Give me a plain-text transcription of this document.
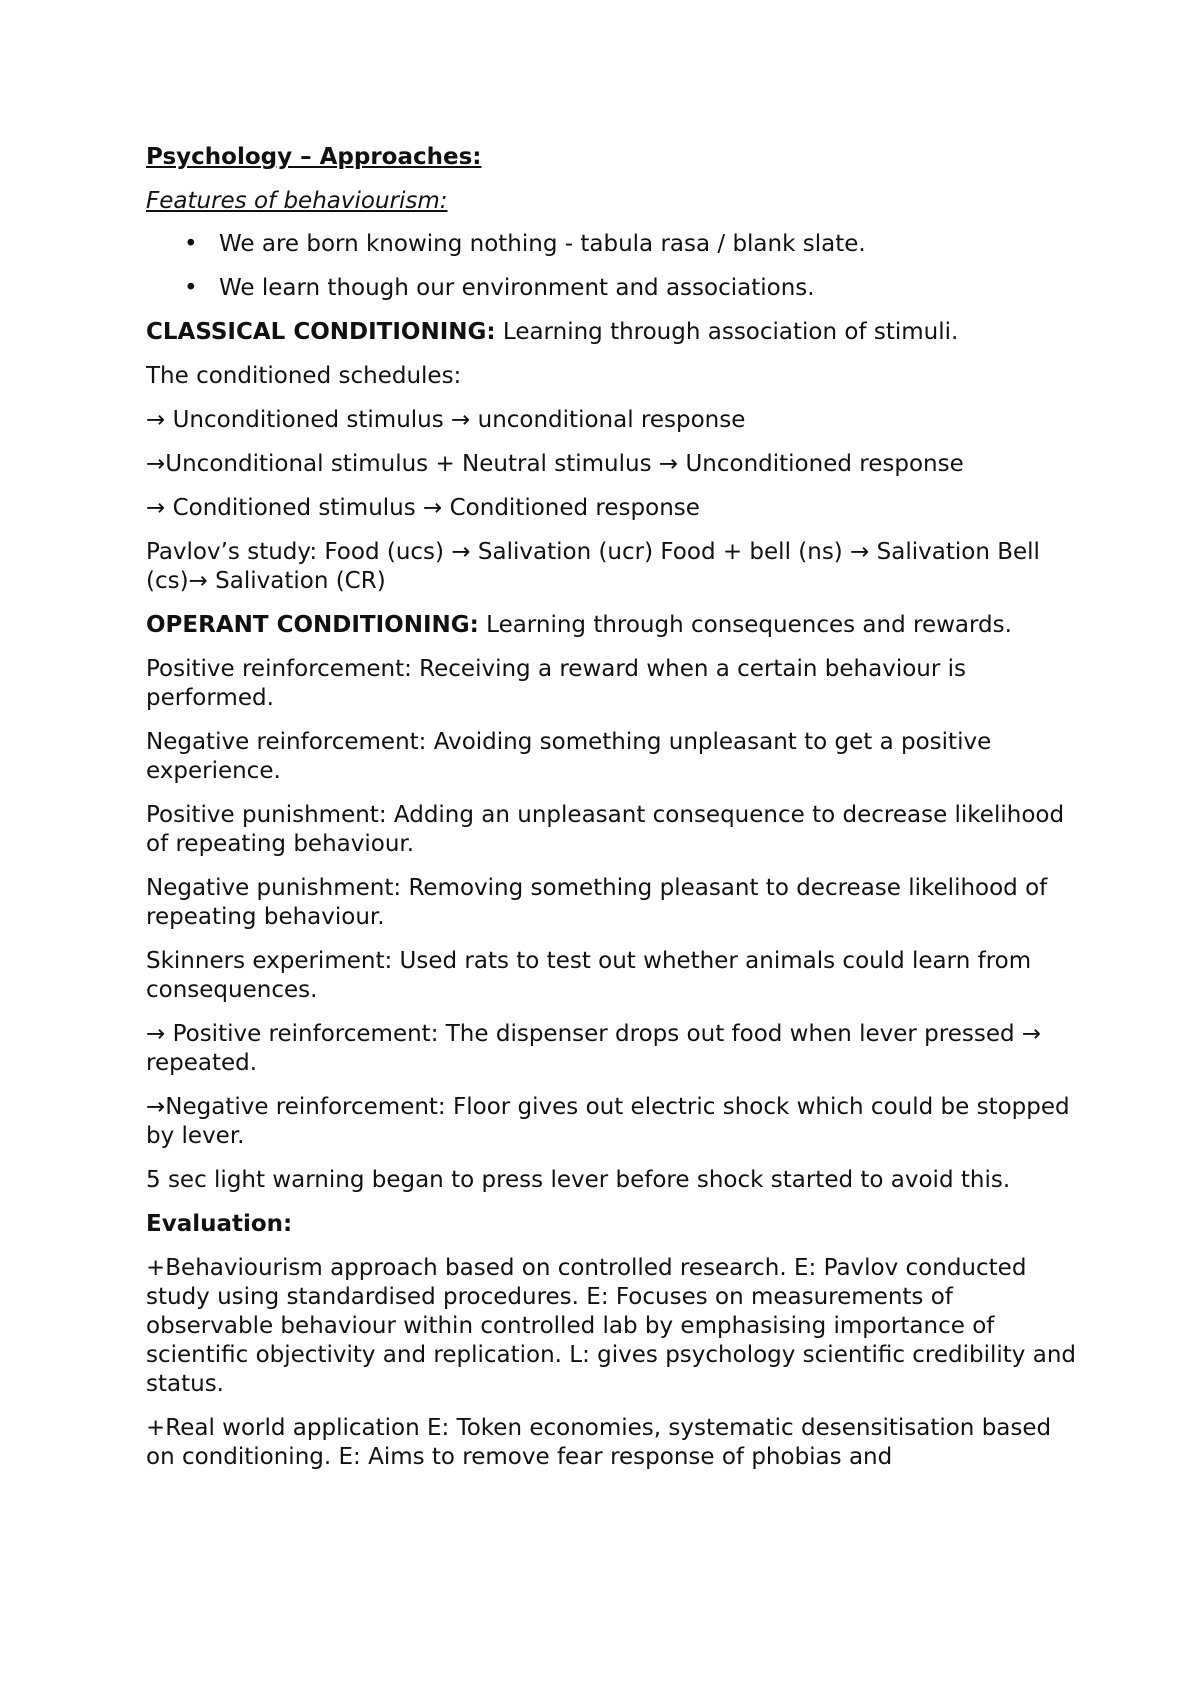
Psychology – Approaches:

Features of behaviourism:

• We are born knowing nothing - tabula rasa / blank slate.
• We learn though our environment and associations.

CLASSICAL CONDITIONING: Learning through association of stimuli.

The conditioned schedules:

→ Unconditioned stimulus → unconditional response

→Unconditional stimulus + Neutral stimulus → Unconditioned response

→ Conditioned stimulus → Conditioned response

Pavlov’s study: Food (ucs) → Salivation (ucr) Food + bell (ns) → Salivation Bell (cs)→ Salivation (CR)

OPERANT CONDITIONING: Learning through consequences and rewards.

Positive reinforcement: Receiving a reward when a certain behaviour is performed.

Negative reinforcement: Avoiding something unpleasant to get a positive experience.

Positive punishment: Adding an unpleasant consequence to decrease likelihood of repeating behaviour.

Negative punishment: Removing something pleasant to decrease likelihood of repeating behaviour.

Skinners experiment: Used rats to test out whether animals could learn from consequences.

→ Positive reinforcement: The dispenser drops out food when lever pressed → repeated.

→Negative reinforcement: Floor gives out electric shock which could be stopped by lever.

5 sec light warning began to press lever before shock started to avoid this.

Evaluation:

+Behaviourism approach based on controlled research. E: Pavlov conducted study using standardised procedures. E: Focuses on measurements of observable behaviour within controlled lab by emphasising importance of scientific objectivity and replication. L: gives psychology scientific credibility and status.

+Real world application E: Token economies, systematic desensitisation based on conditioning. E: Aims to remove fear response of phobias and
